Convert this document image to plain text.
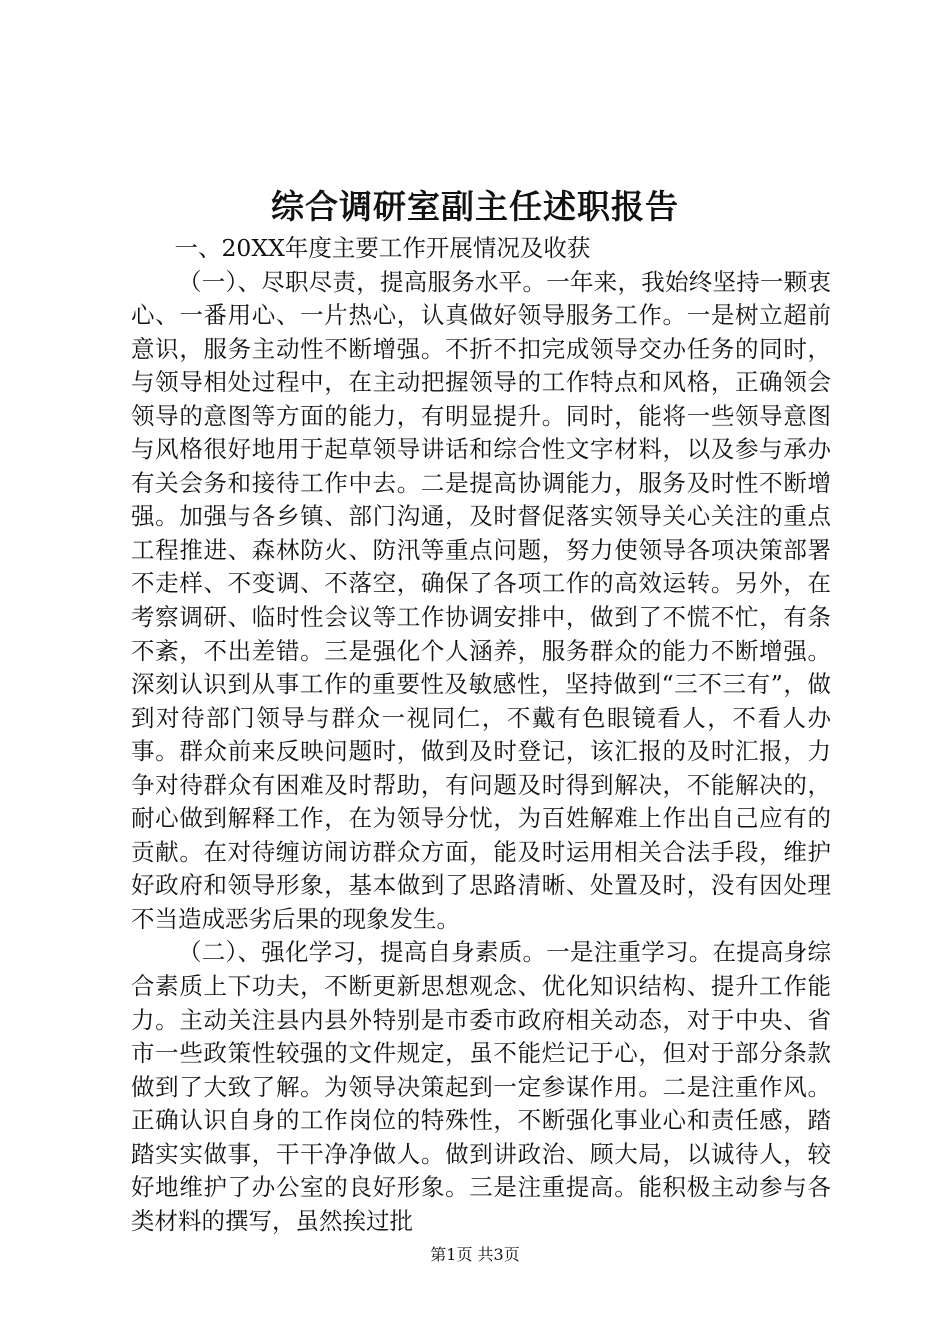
综合调研室副主任述职报告

一、20XX年度主要工作开展情况及收获

（一）、尽职尽责，提高服务水平。一年来，我始终坚持一颗衷心、一番用心、一片热心，认真做好领导服务工作。一是树立超前意识，服务主动性不断增强。不折不扣完成领导交办任务的同时，与领导相处过程中，在主动把握领导的工作特点和风格，正确领会领导的意图等方面的能力，有明显提升。同时，能将一些领导意图与风格很好地用于起草领导讲话和综合性文字材料，以及参与承办有关会务和接待工作中去。二是提高协调能力，服务及时性不断增强。加强与各乡镇、部门沟通，及时督促落实领导关心关注的重点工程推进、森林防火、防汛等重点问题，努力使领导各项决策部署不走样、不变调、不落空，确保了各项工作的高效运转。另外，在考察调研、临时性会议等工作协调安排中，做到了不慌不忙，有条不紊，不出差错。三是强化个人涵养，服务群众的能力不断增强。深刻认识到从事工作的重要性及敏感性，坚持做到“三不三有”，做到对待部门领导与群众一视同仁，不戴有色眼镜看人，不看人办事。群众前来反映问题时，做到及时登记，该汇报的及时汇报，力争对待群众有困难及时帮助，有问题及时得到解决，不能解决的，耐心做到解释工作，在为领导分忧，为百姓解难上作出自己应有的贡献。在对待缠访闹访群众方面，能及时运用相关合法手段，维护好政府和领导形象，基本做到了思路清晰、处置及时，没有因处理不当造成恶劣后果的现象发生。

（二）、强化学习，提高自身素质。一是注重学习。在提高身综合素质上下功夫，不断更新思想观念、优化知识结构、提升工作能力。主动关注县内县外特别是市委市政府相关动态，对于中央、省市一些政策性较强的文件规定，虽不能烂记于心，但对于部分条款做到了大致了解。为领导决策起到一定参谋作用。二是注重作风。正确认识自身的工作岗位的特殊性，不断强化事业心和责任感，踏踏实实做事，干干净净做人。做到讲政治、顾大局，以诚待人，较好地维护了办公室的良好形象。三是注重提高。能积极主动参与各类材料的撰写，虽然挨过批

第1页 共3页
